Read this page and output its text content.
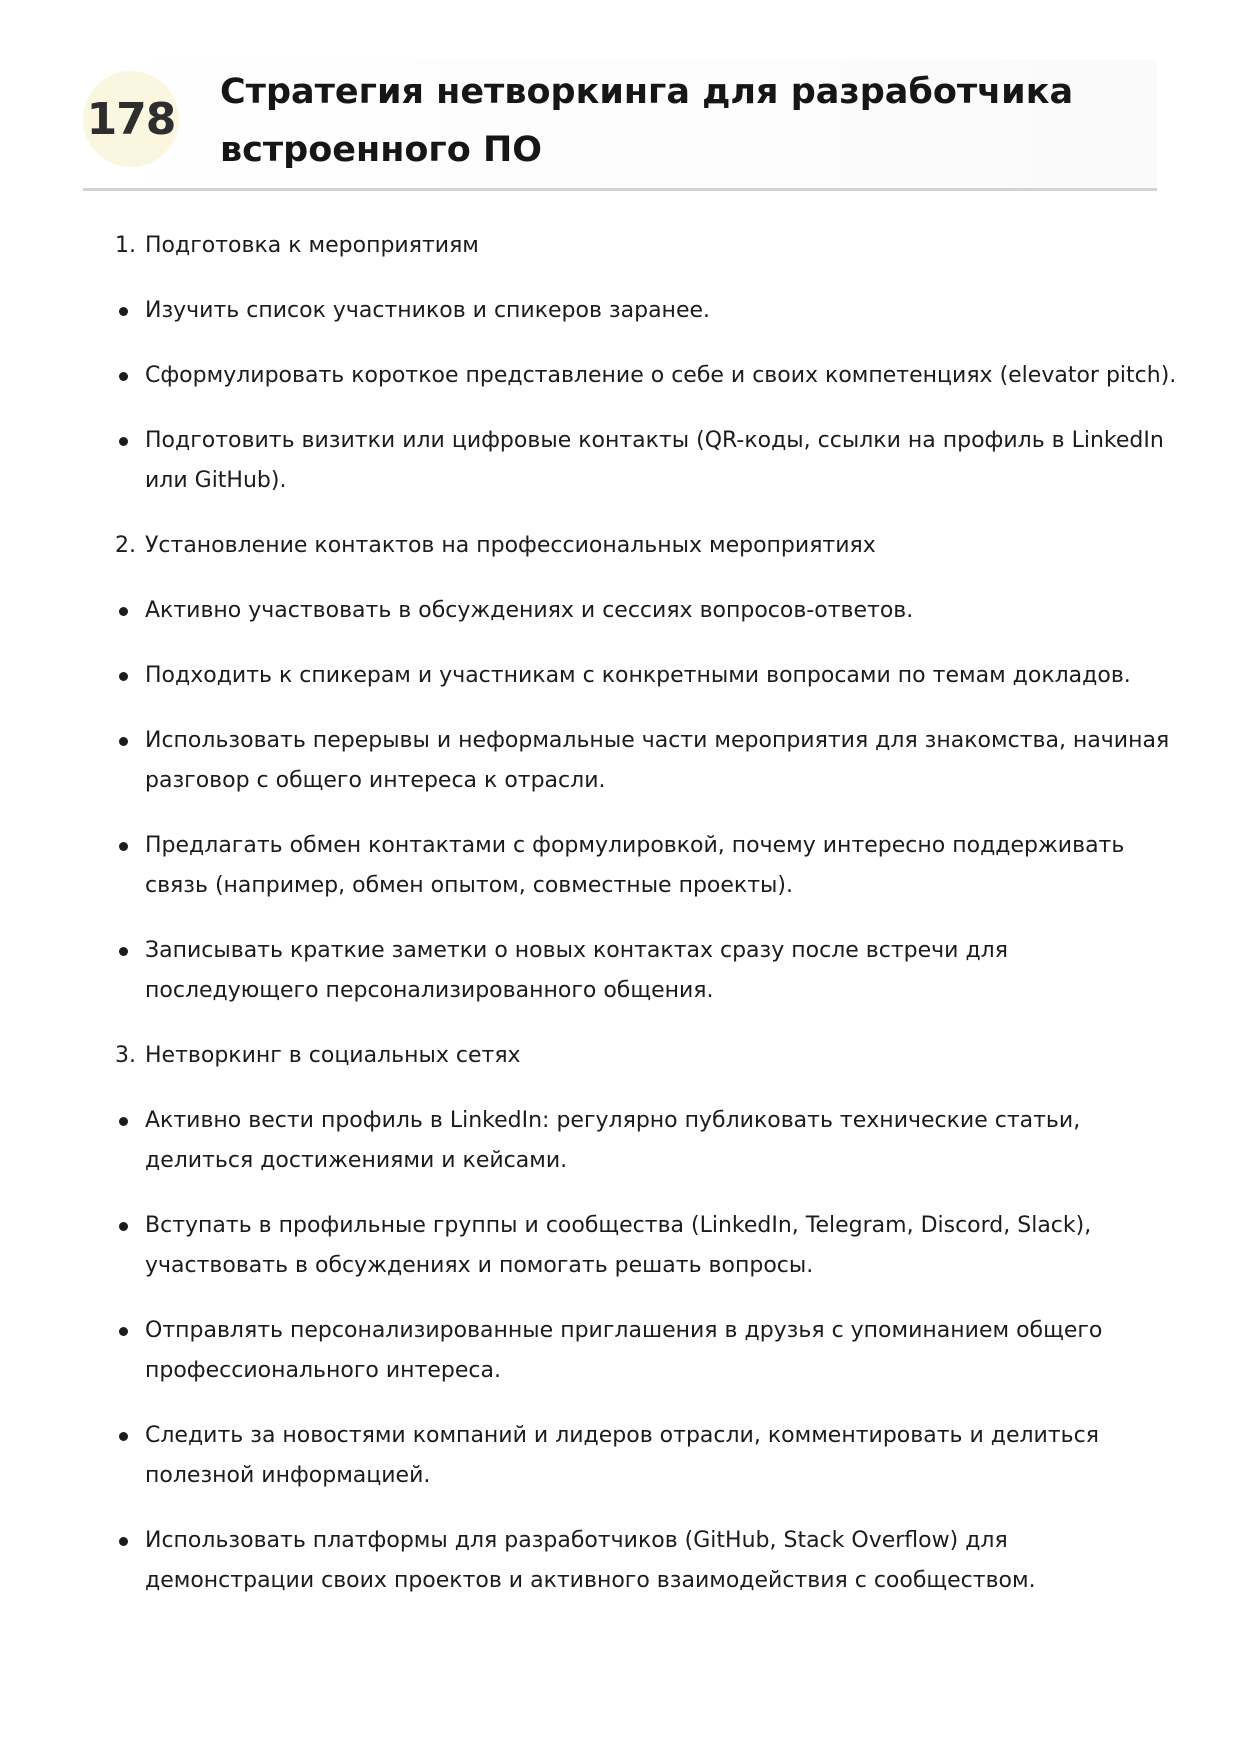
178
Стратегия нетворкинга для разработчика встроенного ПО
1. Подготовка к мероприятиям
Изучить список участников и спикеров заранее.
Сформулировать короткое представление о себе и своих компетенциях (elevator pitch).
Подготовить визитки или цифровые контакты (QR-коды, ссылки на профиль в LinkedIn или GitHub).
2. Установление контактов на профессиональных мероприятиях
Активно участвовать в обсуждениях и сессиях вопросов-ответов.
Подходить к спикерам и участникам с конкретными вопросами по темам докладов.
Использовать перерывы и неформальные части мероприятия для знакомства, начиная разговор с общего интереса к отрасли.
Предлагать обмен контактами с формулировкой, почему интересно поддерживать связь (например, обмен опытом, совместные проекты).
Записывать краткие заметки о новых контактах сразу после встречи для последующего персонализированного общения.
3. Нетворкинг в социальных сетях
Активно вести профиль в LinkedIn: регулярно публиковать технические статьи, делиться достижениями и кейсами.
Вступать в профильные группы и сообщества (LinkedIn, Telegram, Discord, Slack), участвовать в обсуждениях и помогать решать вопросы.
Отправлять персонализированные приглашения в друзья с упоминанием общего профессионального интереса.
Следить за новостями компаний и лидеров отрасли, комментировать и делиться полезной информацией.
Использовать платформы для разработчиков (GitHub, Stack Overflow) для демонстрации своих проектов и активного взаимодействия с сообществом.
